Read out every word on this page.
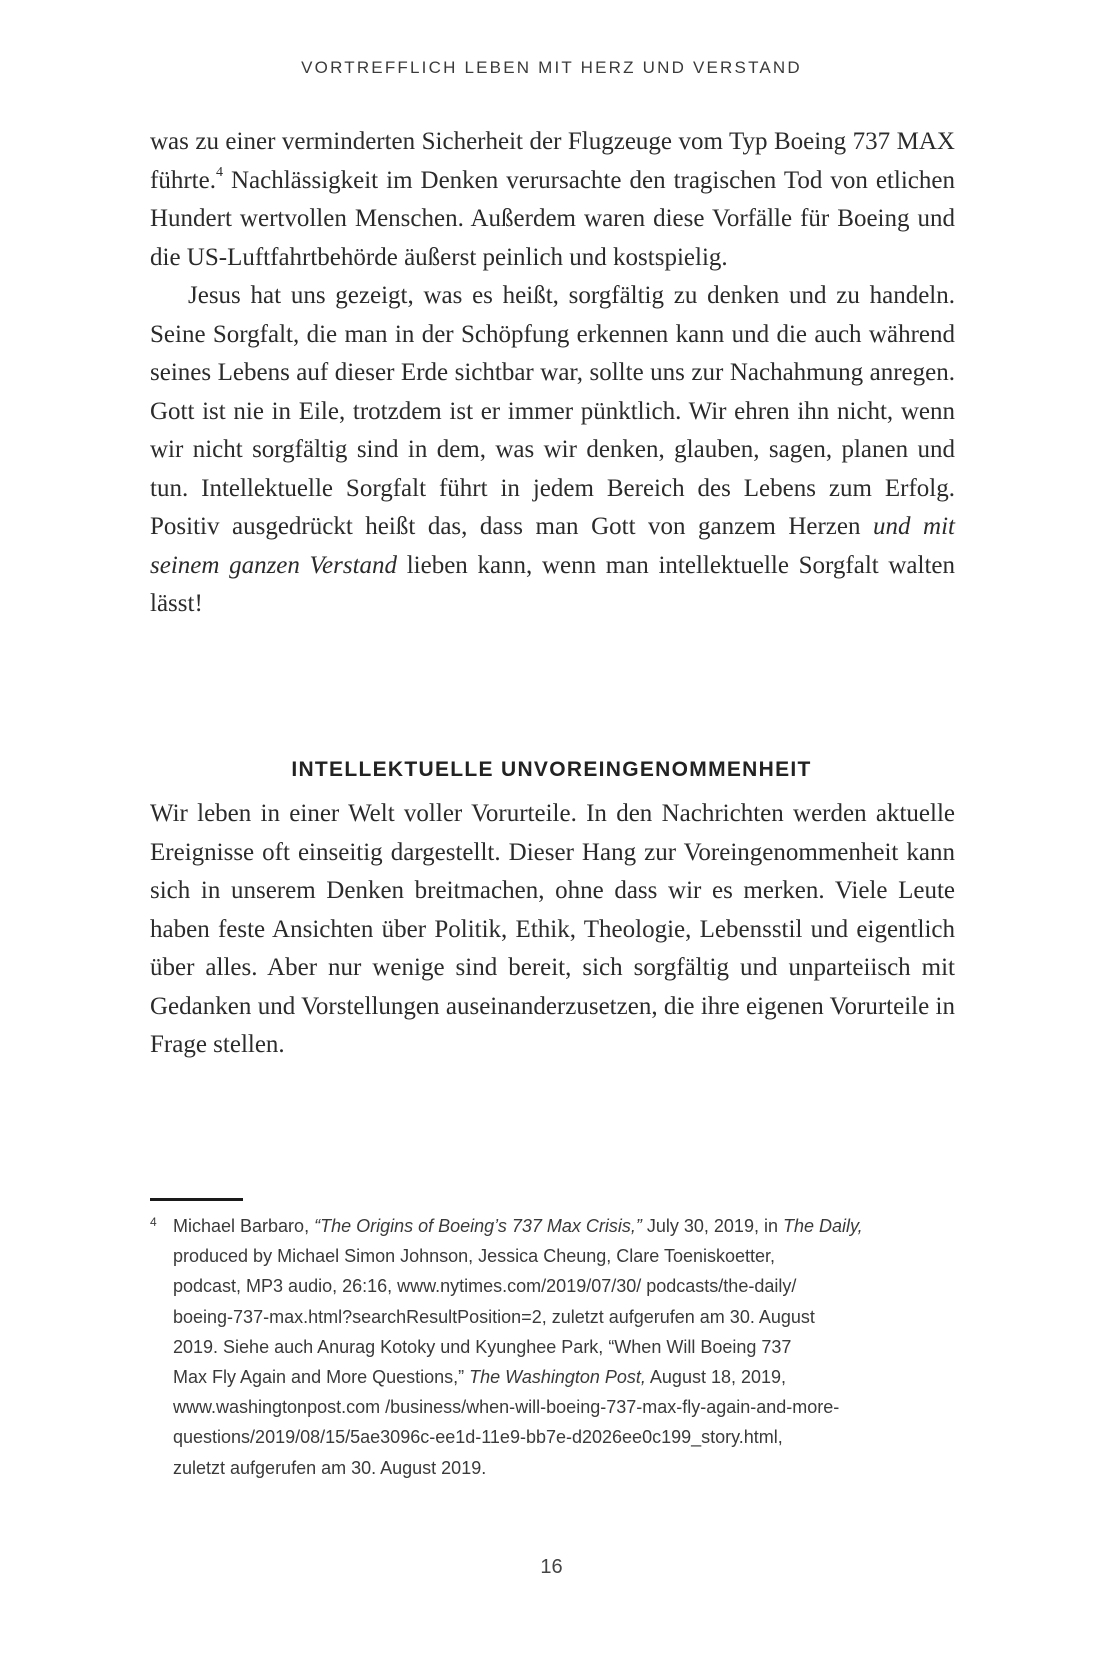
VORTREFFLICH LEBEN MIT HERZ UND VERSTAND

was zu einer verminderten Sicherheit der Flugzeuge vom Typ Boeing 737 MAX führte.$^4$ Nachlässigkeit im Denken verursachte den tragischen Tod von etlichen Hundert wertvollen Menschen. Außerdem waren diese Vorfälle für Boeing und die US-Luftfahrtbehörde äußerst peinlich und kostspielig.

Jesus hat uns gezeigt, was es heißt, sorgfältig zu denken und zu handeln. Seine Sorgfalt, die man in der Schöpfung erkennen kann und die auch während seines Lebens auf dieser Erde sichtbar war, sollte uns zur Nachahmung anregen. Gott ist nie in Eile, trotzdem ist er immer pünktlich. Wir ehren ihn nicht, wenn wir nicht sorgfältig sind in dem, was wir denken, glauben, sagen, planen und tun. Intellektuelle Sorgfalt führt in jedem Bereich des Lebens zum Erfolg. Positiv ausgedrückt heißt das, dass man Gott von ganzem Herzen und mit seinem ganzen Verstand lieben kann, wenn man intellektuelle Sorgfalt walten lässt!

INTELLEKTUELLE UNVOREINGENOMMENHEIT

Wir leben in einer Welt voller Vorurteile. In den Nachrichten werden aktuelle Ereignisse oft einseitig dargestellt. Dieser Hang zur Voreingenommenheit kann sich in unserem Denken breitmachen, ohne dass wir es merken. Viele Leute haben feste Ansichten über Politik, Ethik, Theologie, Lebensstil und eigentlich über alles. Aber nur wenige sind bereit, sich sorgfältig und unparteiisch mit Gedanken und Vorstellungen auseinanderzusetzen, die ihre eigenen Vorurteile in Frage stellen.

4 Michael Barbaro, “The Origins of Boeing’s 737 Max Crisis,” July 30, 2019, in The Daily,
produced by Michael Simon Johnson, Jessica Cheung, Clare Toeniskoetter,
podcast, MP3 audio, 26:16, www.nytimes.com/2019/07/30/ podcasts/the-daily/
boeing-737-max.html?searchResultPosition=2, zuletzt aufgerufen am 30. August
2019. Siehe auch Anurag Kotoky und Kyunghee Park, “When Will Boeing 737
Max Fly Again and More Questions,” The Washington Post, August 18, 2019,
www.washingtonpost.com /business/when-will-boeing-737-max-fly-again-and-more-
questions/2019/08/15/5ae3096c-ee1d-11e9-bb7e-d2026ee0c199_story.html,
zuletzt aufgerufen am 30. August 2019.
16
